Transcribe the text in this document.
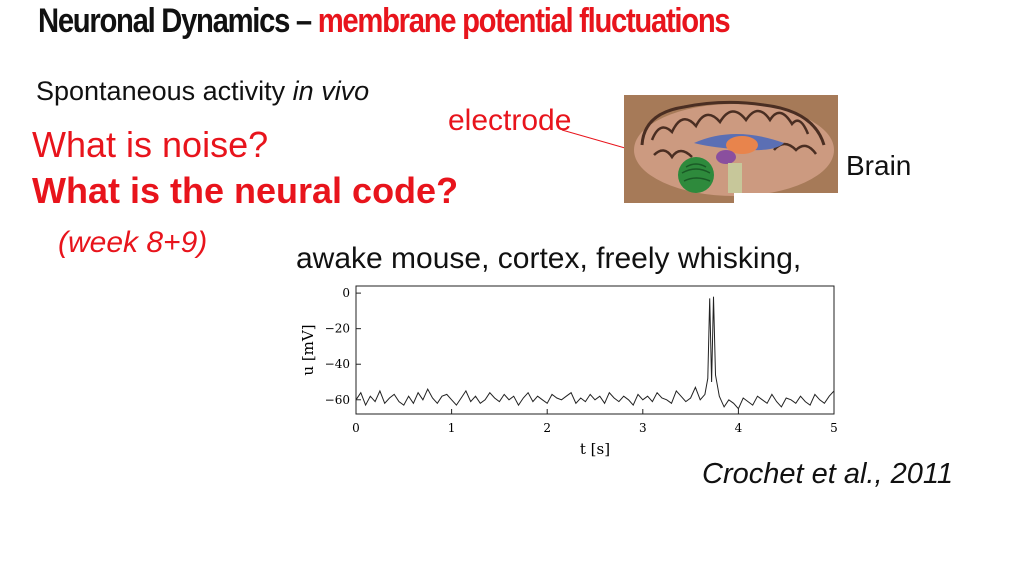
Neuronal Dynamics – membrane potential fluctuations
Spontaneous activity in vivo
What is noise?
What is the neural code?
(week 8+9)
electrode
Brain
awake mouse, cortex, freely whisking,
Crochet et al., 2011
0
−20
−40
−60
0	1	2	3	4	5
t [s]
u [mV]
